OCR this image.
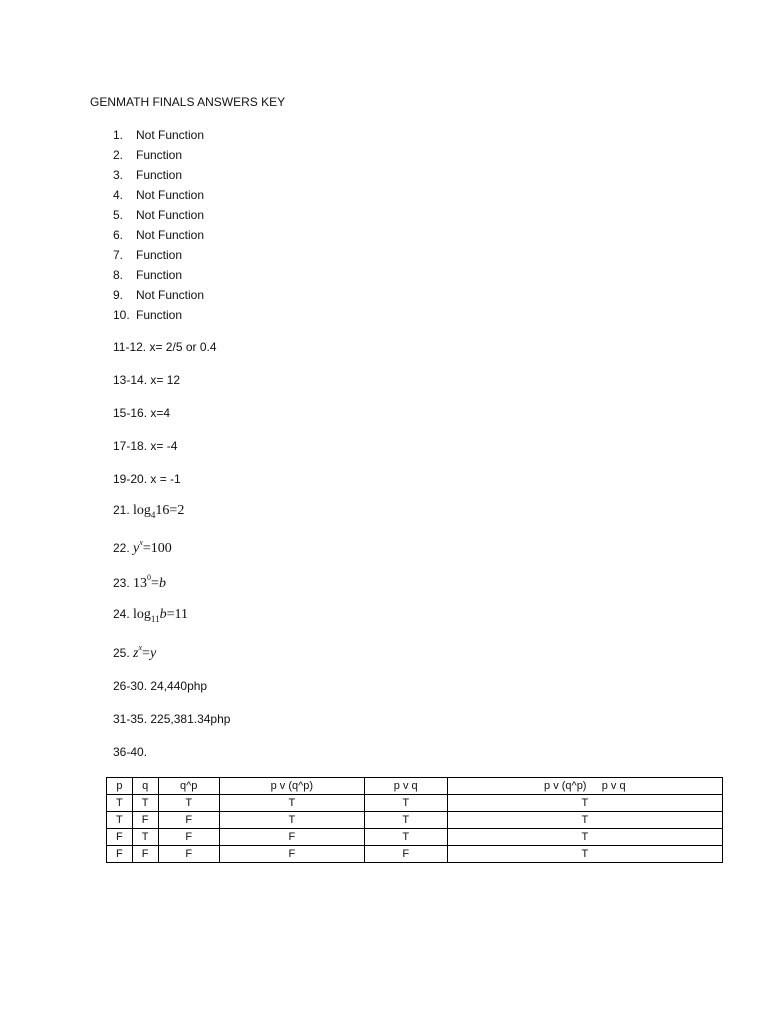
GENMATH FINALS ANSWERS KEY
1.	Not Function
2.	Function
3.	Function
4.	Not Function
5.	Not Function
6.	Not Function
7.	Function
8.	Function
9.	Not Function
10. Function
11-12. x= 2/5 or 0.4
13-14. x= 12
15-16. x=4
17-18. x= -4
19-20. x = -1
21. $\log_416=2$
22. $y^x=100$
23. $13^0=b$
24. $\log_{11}b=11$
25. $z^x=y$
26-30. 24,440php
31-35. 225,381.34php
36-40.
p	q	q^p	p v (q^p)	p v q	p v (q^p)     p v q
T	T	T	T	T	T
T	F	F	T	T	T
F	T	F	F	T	T
F	F	F	F	F	T
